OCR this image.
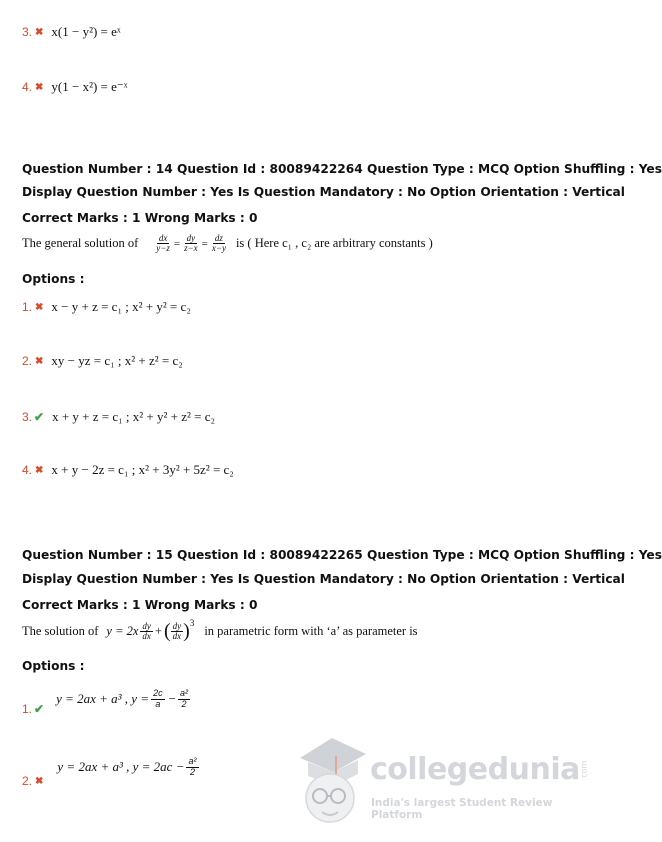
3. ✖ x(1 − y²) = eˣ
4. ✖ y(1 − x²) = e⁻ˣ
Question Number : 14 Question Id : 80089422264 Question Type : MCQ Option Shuffling : Yes
Display Question Number : Yes Is Question Mandatory : No Option Orientation : Vertical
Correct Marks : 1 Wrong Marks : 0
The general solution of $\frac{dx}{y-z} = \frac{dy}{z-x} = \frac{dz}{x-y}$ is ( Here c₁ , c₂ are arbitrary constants )
Options :
1. ✖ x − y + z = c₁ ; x² + y² = c₂
2. ✖ xy − yz = c₁ ; x² + z² = c₂
3. ✔ x + y + z = c₁ ; x² + y² + z² = c₂
4. ✖ x + y − 2z = c₁ ; x² + 3y² + 5z² = c₂
Question Number : 15 Question Id : 80089422265 Question Type : MCQ Option Shuffling : Yes
Display Question Number : Yes Is Question Mandatory : No Option Orientation : Vertical
Correct Marks : 1 Wrong Marks : 0
The solution of $y = 2x \frac{dy}{dx}$ + ( $\frac{dy}{dx}$ ) 3
in parametric form with ‘a’ as parameter is
Options :
1. ✔
y = 2ax + a³ , $y = \frac{2c}{a} - \frac{\text{a²}}{2}$
2. ✖
y = 2ax + a³ , $y = 2ac - \frac{\text{a²}}{2}$	collegedunia .com
India's largest Student Review Platform
